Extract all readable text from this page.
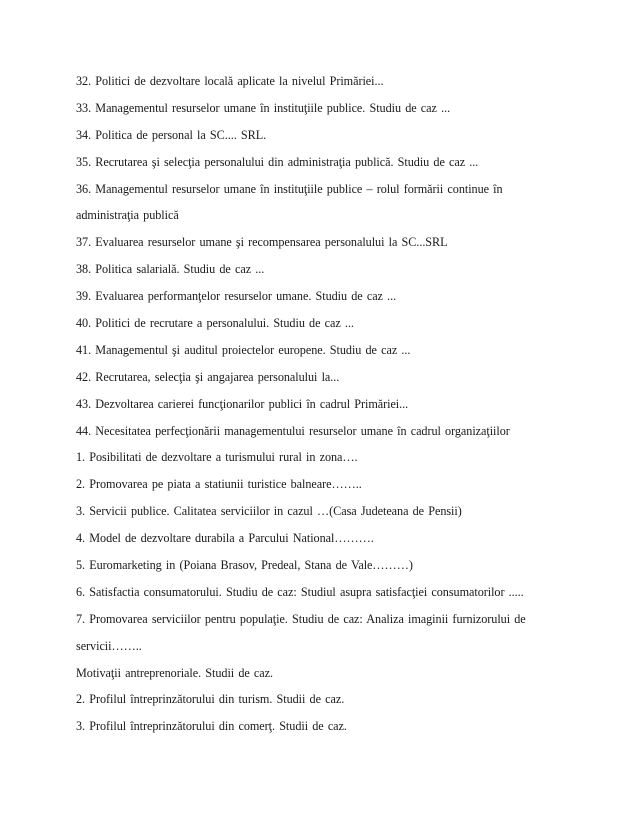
32. Politici de dezvoltare locală aplicate la nivelul Primăriei...
33. Managementul resurselor umane în instituţiile publice. Studiu de caz ...
34. Politica de personal la SC.... SRL.
35. Recrutarea şi selecţia personalului din administraţia publică. Studiu de caz ...
36. Managementul resurselor umane în instituţiile publice – rolul formării continue în
administraţia publică
37. Evaluarea resurselor umane şi recompensarea personalului la SC...SRL
38. Politica salarială. Studiu de caz ...
39. Evaluarea performanţelor resurselor umane. Studiu de caz ...
40. Politici de recrutare a personalului. Studiu de caz ...
41. Managementul şi auditul proiectelor europene. Studiu de caz ...
42. Recrutarea, selecţia şi angajarea personalului la...
43. Dezvoltarea carierei funcţionarilor publici în cadrul Primăriei...
44. Necesitatea perfecţionării managementului resurselor umane în cadrul organizaţiilor
1. Posibilitati de dezvoltare a turismului rural in zona….
2. Promovarea pe piata a statiunii turistice balneare……..
3. Servicii publice. Calitatea serviciilor in cazul …(Casa Judeteana de Pensii)
4. Model de dezvoltare durabila a Parcului National……….
5. Euromarketing in (Poiana Brasov, Predeal, Stana de Vale………)
6. Satisfactia consumatorului. Studiu de caz: Studiul asupra satisfacţiei consumatorilor .....
7. Promovarea serviciilor pentru populaţie. Studiu de caz: Analiza imaginii furnizorului de
servicii……..
Motivaţii antreprenoriale. Studii de caz.
2. Profilul întreprinzătorului din turism. Studii de caz.
3. Profilul întreprinzătorului din comerţ. Studii de caz.
